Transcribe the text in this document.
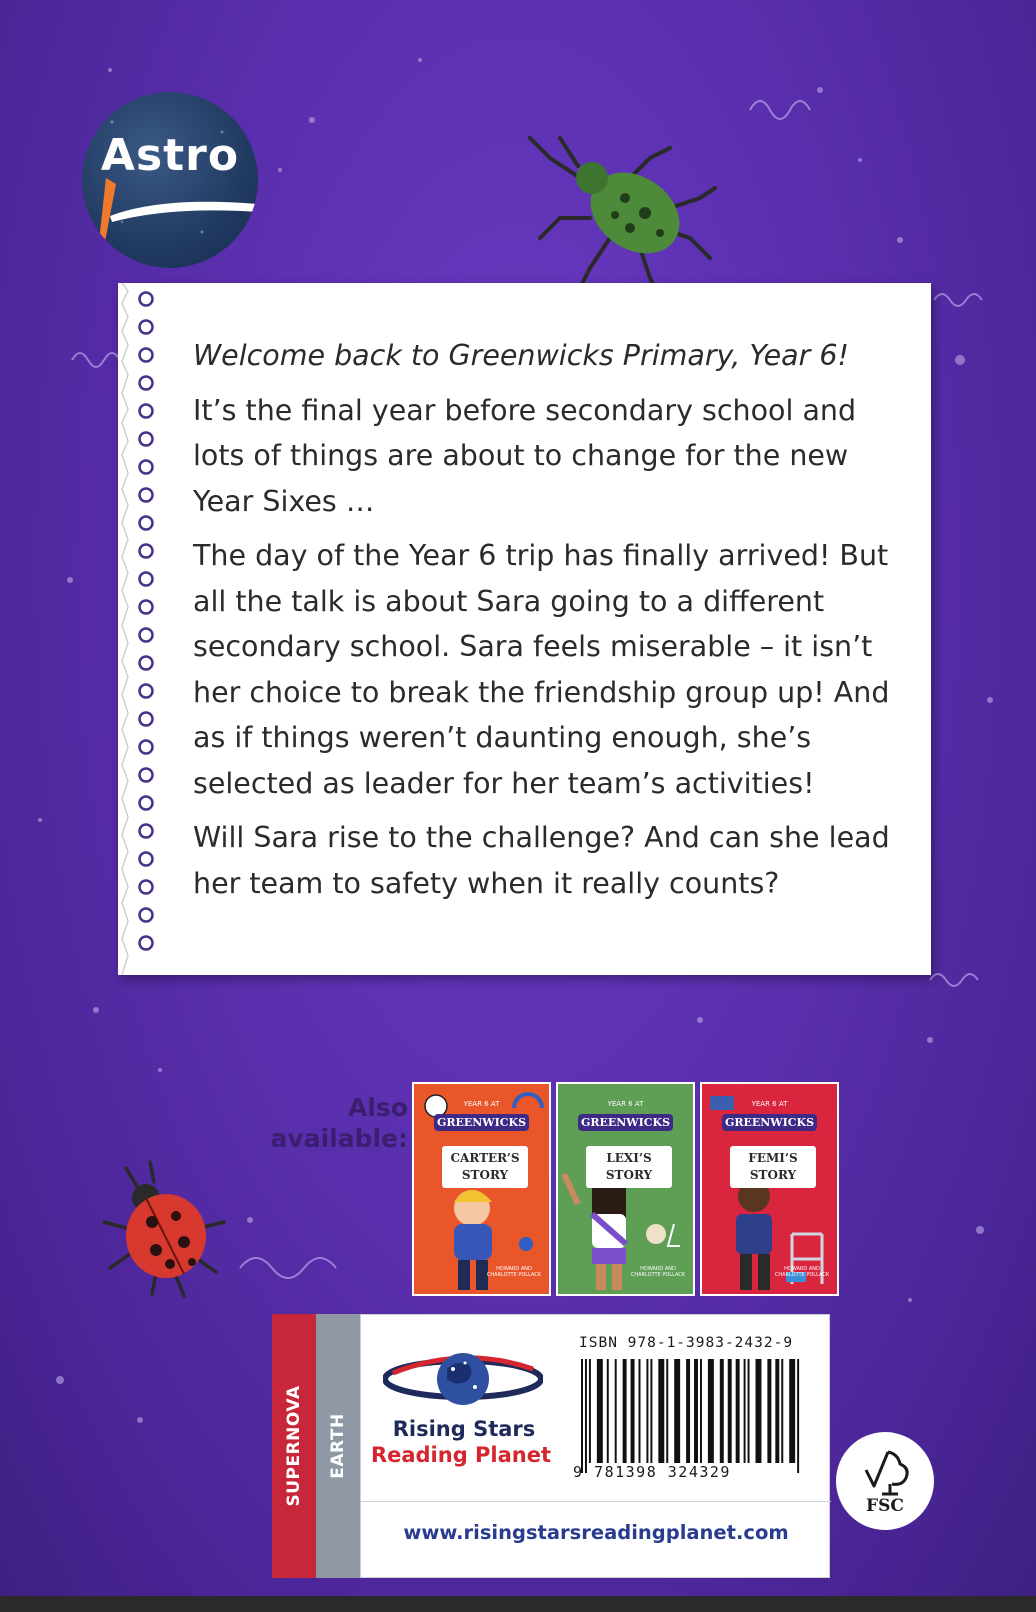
Astro

Welcome back to Greenwicks Primary, Year 6!

It’s the final year before secondary school and lots of things are about to change for the new Year Sixes …

The day of the Year 6 trip has finally arrived! But all the talk is about Sara going to a different secondary school. Sara feels miserable – it isn’t her choice to break the friendship group up! And as if things weren’t daunting enough, she’s selected as leader for her team’s activities!

Will Sara rise to the challenge? And can she lead her team to safety when it really counts?

Also
available:
YEAR 6 AT
GREENWICKS
CARTER’S
STORY
HOWARD AND CHARLOTTE POLLACK
YEAR 6 AT
GREENWICKS
LEXI’S
STORY
HOWARD AND CHARLOTTE POLLACK
YEAR 6 AT
GREENWICKS
FEMI’S
STORY
HOWARD AND CHARLOTTE POLLACK
SUPERNOVA	EARTH	Rising Stars
Reading Planet
ISBN 978-1-3983-2432-9
9 781398 324329
www.risingstarsreadingplanet.com
FSC
